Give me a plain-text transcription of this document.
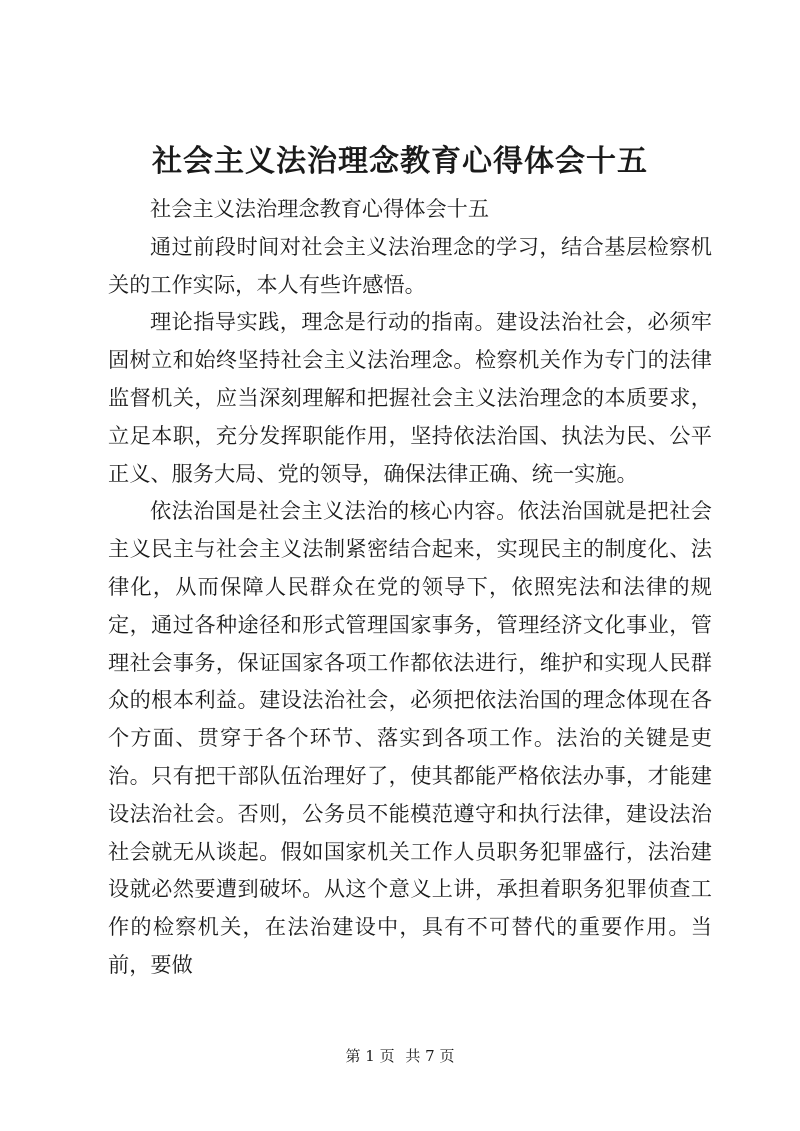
社会主义法治理念教育心得体会十五

社会主义法治理念教育心得体会十五

通过前段时间对社会主义法治理念的学习，结合基层检察机关的工作实际，本人有些许感悟。

理论指导实践，理念是行动的指南。建设法治社会，必须牢固树立和始终坚持社会主义法治理念。检察机关作为专门的法律监督机关，应当深刻理解和把握社会主义法治理念的本质要求，立足本职，充分发挥职能作用，坚持依法治国、执法为民、公平正义、服务大局、党的领导，确保法律正确、统一实施。

依法治国是社会主义法治的核心内容。依法治国就是把社会主义民主与社会主义法制紧密结合起来，实现民主的制度化、法律化，从而保障人民群众在党的领导下，依照宪法和法律的规定，通过各种途径和形式管理国家事务，管理经济文化事业，管理社会事务，保证国家各项工作都依法进行，维护和实现人民群众的根本利益。建设法治社会，必须把依法治国的理念体现在各个方面、贯穿于各个环节、落实到各项工作。法治的关键是吏治。只有把干部队伍治理好了，使其都能严格依法办事，才能建设法治社会。否则，公务员不能模范遵守和执行法律，建设法治社会就无从谈起。假如国家机关工作人员职务犯罪盛行，法治建设就必然要遭到破坏。从这个意义上讲，承担着职务犯罪侦查工作的检察机关，在法治建设中，具有不可替代的重要作用。当前，要做

第 1 页 共 7 页
